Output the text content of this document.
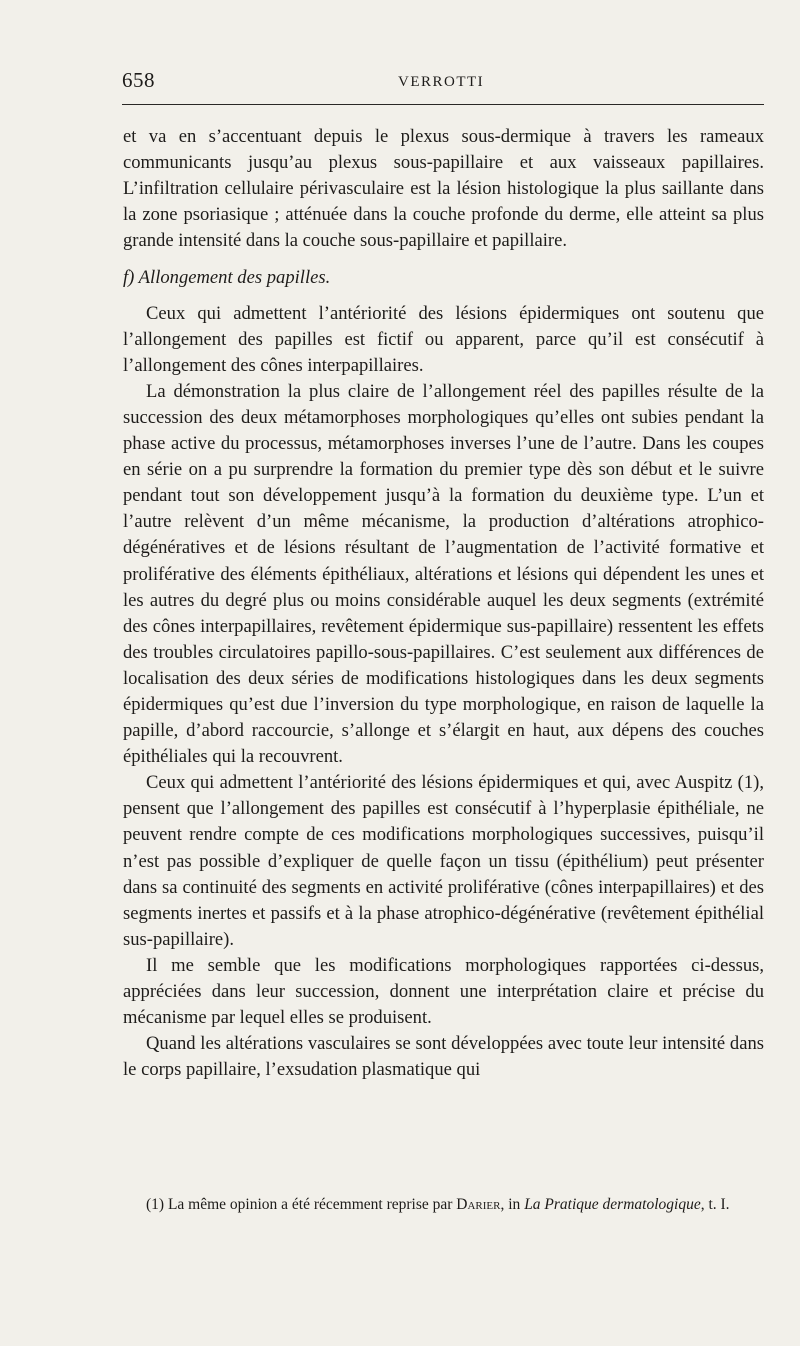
658	VERROTTI

et va en s’accentuant depuis le plexus sous-dermique à travers les rameaux communicants jusqu’au plexus sous-papillaire et aux vaisseaux papillaires. L’infiltration cellulaire périvasculaire est la lésion histologique la plus saillante dans la zone psoriasique ; atténuée dans la couche profonde du derme, elle atteint sa plus grande intensité dans la couche sous-papillaire et papillaire.

f) Allongement des papilles.

Ceux qui admettent l’antériorité des lésions épidermiques ont soutenu que l’allongement des papilles est fictif ou apparent, parce qu’il est consécutif à l’allongement des cônes interpapillaires.

La démonstration la plus claire de l’allongement réel des papilles résulte de la succession des deux métamorphoses morphologiques qu’elles ont subies pendant la phase active du processus, métamorphoses inverses l’une de l’autre. Dans les coupes en série on a pu surprendre la formation du premier type dès son début et le suivre pendant tout son développement jusqu’à la formation du deuxième type. L’un et l’autre relèvent d’un même mécanisme, la production d’altérations atrophico-dégénératives et de lésions résultant de l’augmentation de l’activité formative et proliférative des éléments épithéliaux, altérations et lésions qui dépendent les unes et les autres du degré plus ou moins considérable auquel les deux segments (extrémité des cônes interpapillaires, revêtement épidermique sus-papillaire) ressentent les effets des troubles circulatoires papillo-sous-papillaires. C’est seulement aux différences de localisation des deux séries de modifications histologiques dans les deux segments épidermiques qu’est due l’inversion du type morphologique, en raison de laquelle la papille, d’abord raccourcie, s’allonge et s’élargit en haut, aux dépens des couches épithéliales qui la recouvrent.

Ceux qui admettent l’antériorité des lésions épidermiques et qui, avec Auspitz (1), pensent que l’allongement des papilles est consécutif à l’hyperplasie épithéliale, ne peuvent rendre compte de ces modifications morphologiques successives, puisqu’il n’est pas possible d’expliquer de quelle façon un tissu (épithélium) peut présenter dans sa continuité des segments en activité proliférative (cônes interpapillaires) et des segments inertes et passifs et à la phase atrophico-dégénérative (revêtement épithélial sus-papillaire).

Il me semble que les modifications morphologiques rapportées ci-dessus, appréciées dans leur succession, donnent une interprétation claire et précise du mécanisme par lequel elles se produisent.

Quand les altérations vasculaires se sont développées avec toute leur intensité dans le corps papillaire, l’exsudation plasmatique qui

(1) La même opinion a été récemment reprise par Darier, in La Pratique dermatologique, t. I.
